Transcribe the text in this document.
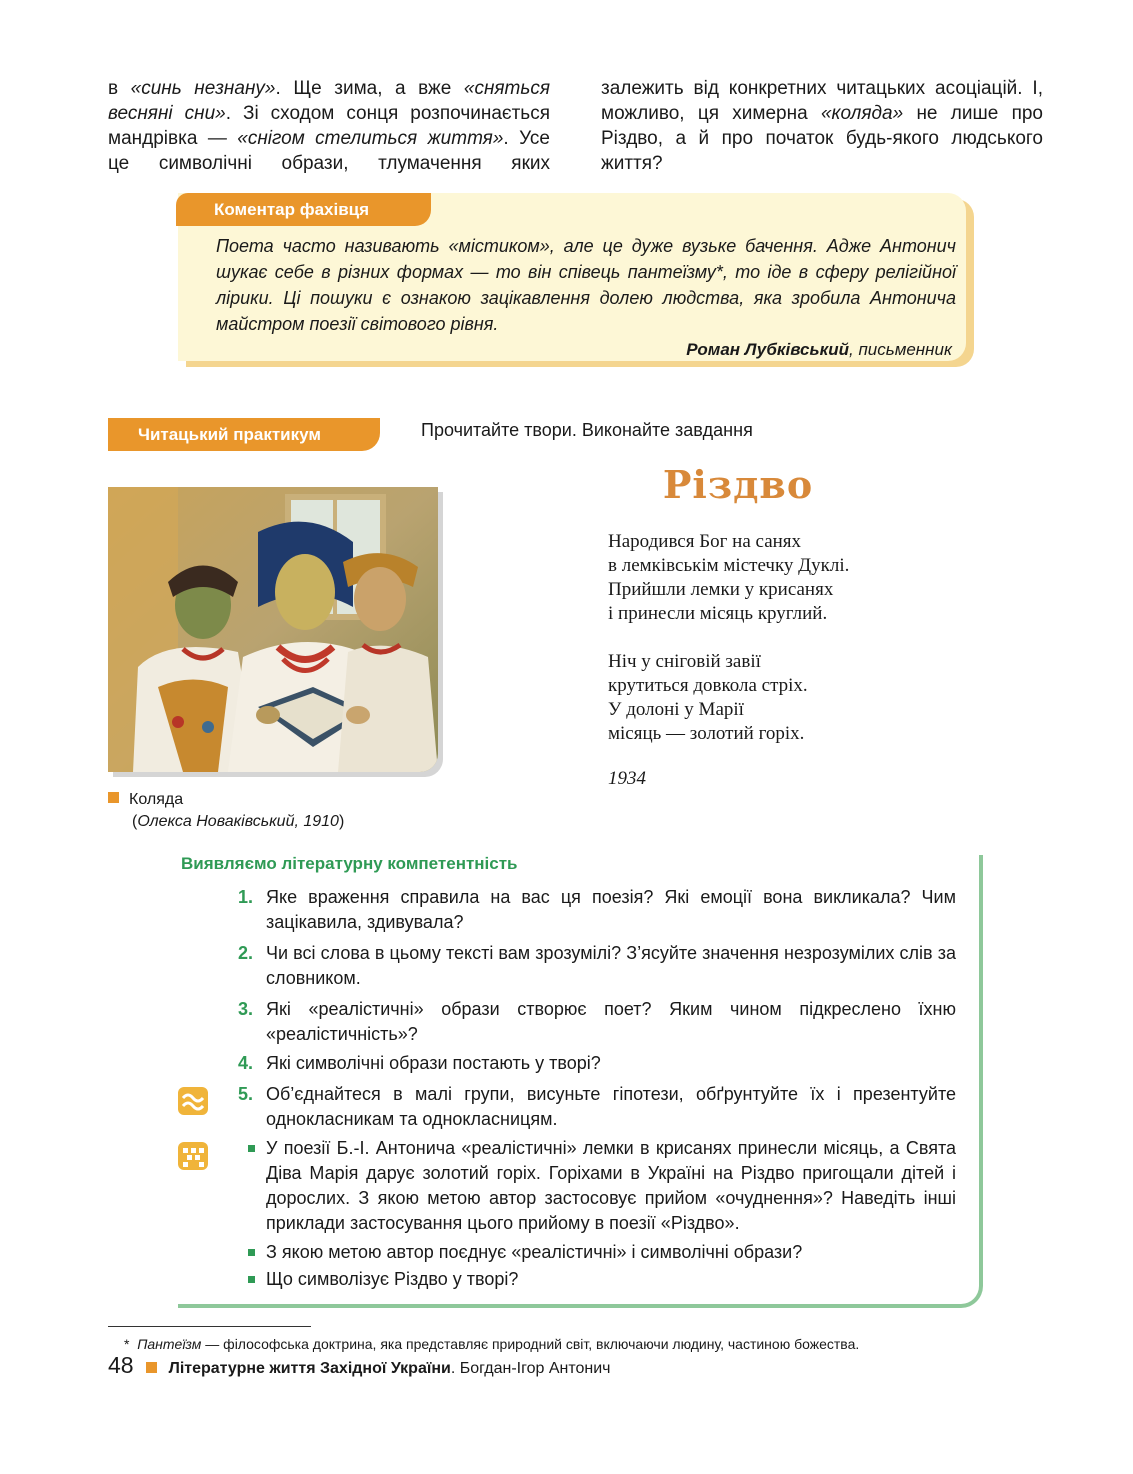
в «синь незнану». Ще зима, а вже «сняться весняні сни». Зі сходом сонця розпочинається мандрівка — «снігом стелиться життя». Усе це символічні образи, тлумачення яких

залежить від конкретних читацьких асоціацій. І, можливо, ця химерна «коляда» не лише про Різдво, а й про початок будь-якого людського життя?

Коментар фахівця
Поета часто називають «містиком», але це дуже вузьке бачення. Адже Антонич шукає себе в різних формах — то він співець пантеїзму*, то іде в сферу релігійної лірики. Ці пошуки є ознакою зацікавлення долею людства, яка зробила Антонича майстром поезії світового рівня.
Роман Лубківський, письменник
Читацький практикум	Прочитайте твори. Виконайте завдання
Коляда
(Олекса Новаківський, 1910)
Різдво
Народився Бог на санях
в лемківськім містечку Дуклі.
Прийшли лемки у крисанях
і принесли місяць круглий.
Ніч у сніговій завії
крутиться довкола стріх.
У долоні у Марії
місяць — золотий горіх.
1934
Виявляємо літературну компетентність
1. Яке враження справила на вас ця поезія? Які емоції вона викликала? Чим зацікавила, здивувала?
2. Чи всі слова в цьому тексті вам зрозумілі? З’ясуйте значення незрозумілих слів за словником.
3. Які «реалістичні» образи створює поет? Яким чином підкреслено їхню «реалістичність»?
4. Які символічні образи постають у творі?
5. Об’єднайтеся в малі групи, висуньте гіпотези, обґрунтуйте їх і презентуйте однокласникам та однокласницям.
У поезії Б.-І. Антонича «реалістичні» лемки в крисанях принесли місяць, а Свята Діва Марія дарує золотий горіх. Горіхами в Україні на Різдво пригощали дітей і дорослих. З якою метою автор застосовує прийом «очуднення»? Наведіть інші приклади застосування цього прийому в поезії «Різдво».
З якою метою автор поєднує «реалістичні» і символічні образи?
Що символізує Різдво у творі?
* Пантеїзм — філософська доктрина, яка представляє природний світ, включаючи людину, частиною божества.
48 Літературне життя Західної України. Богдан-Ігор Антонич
